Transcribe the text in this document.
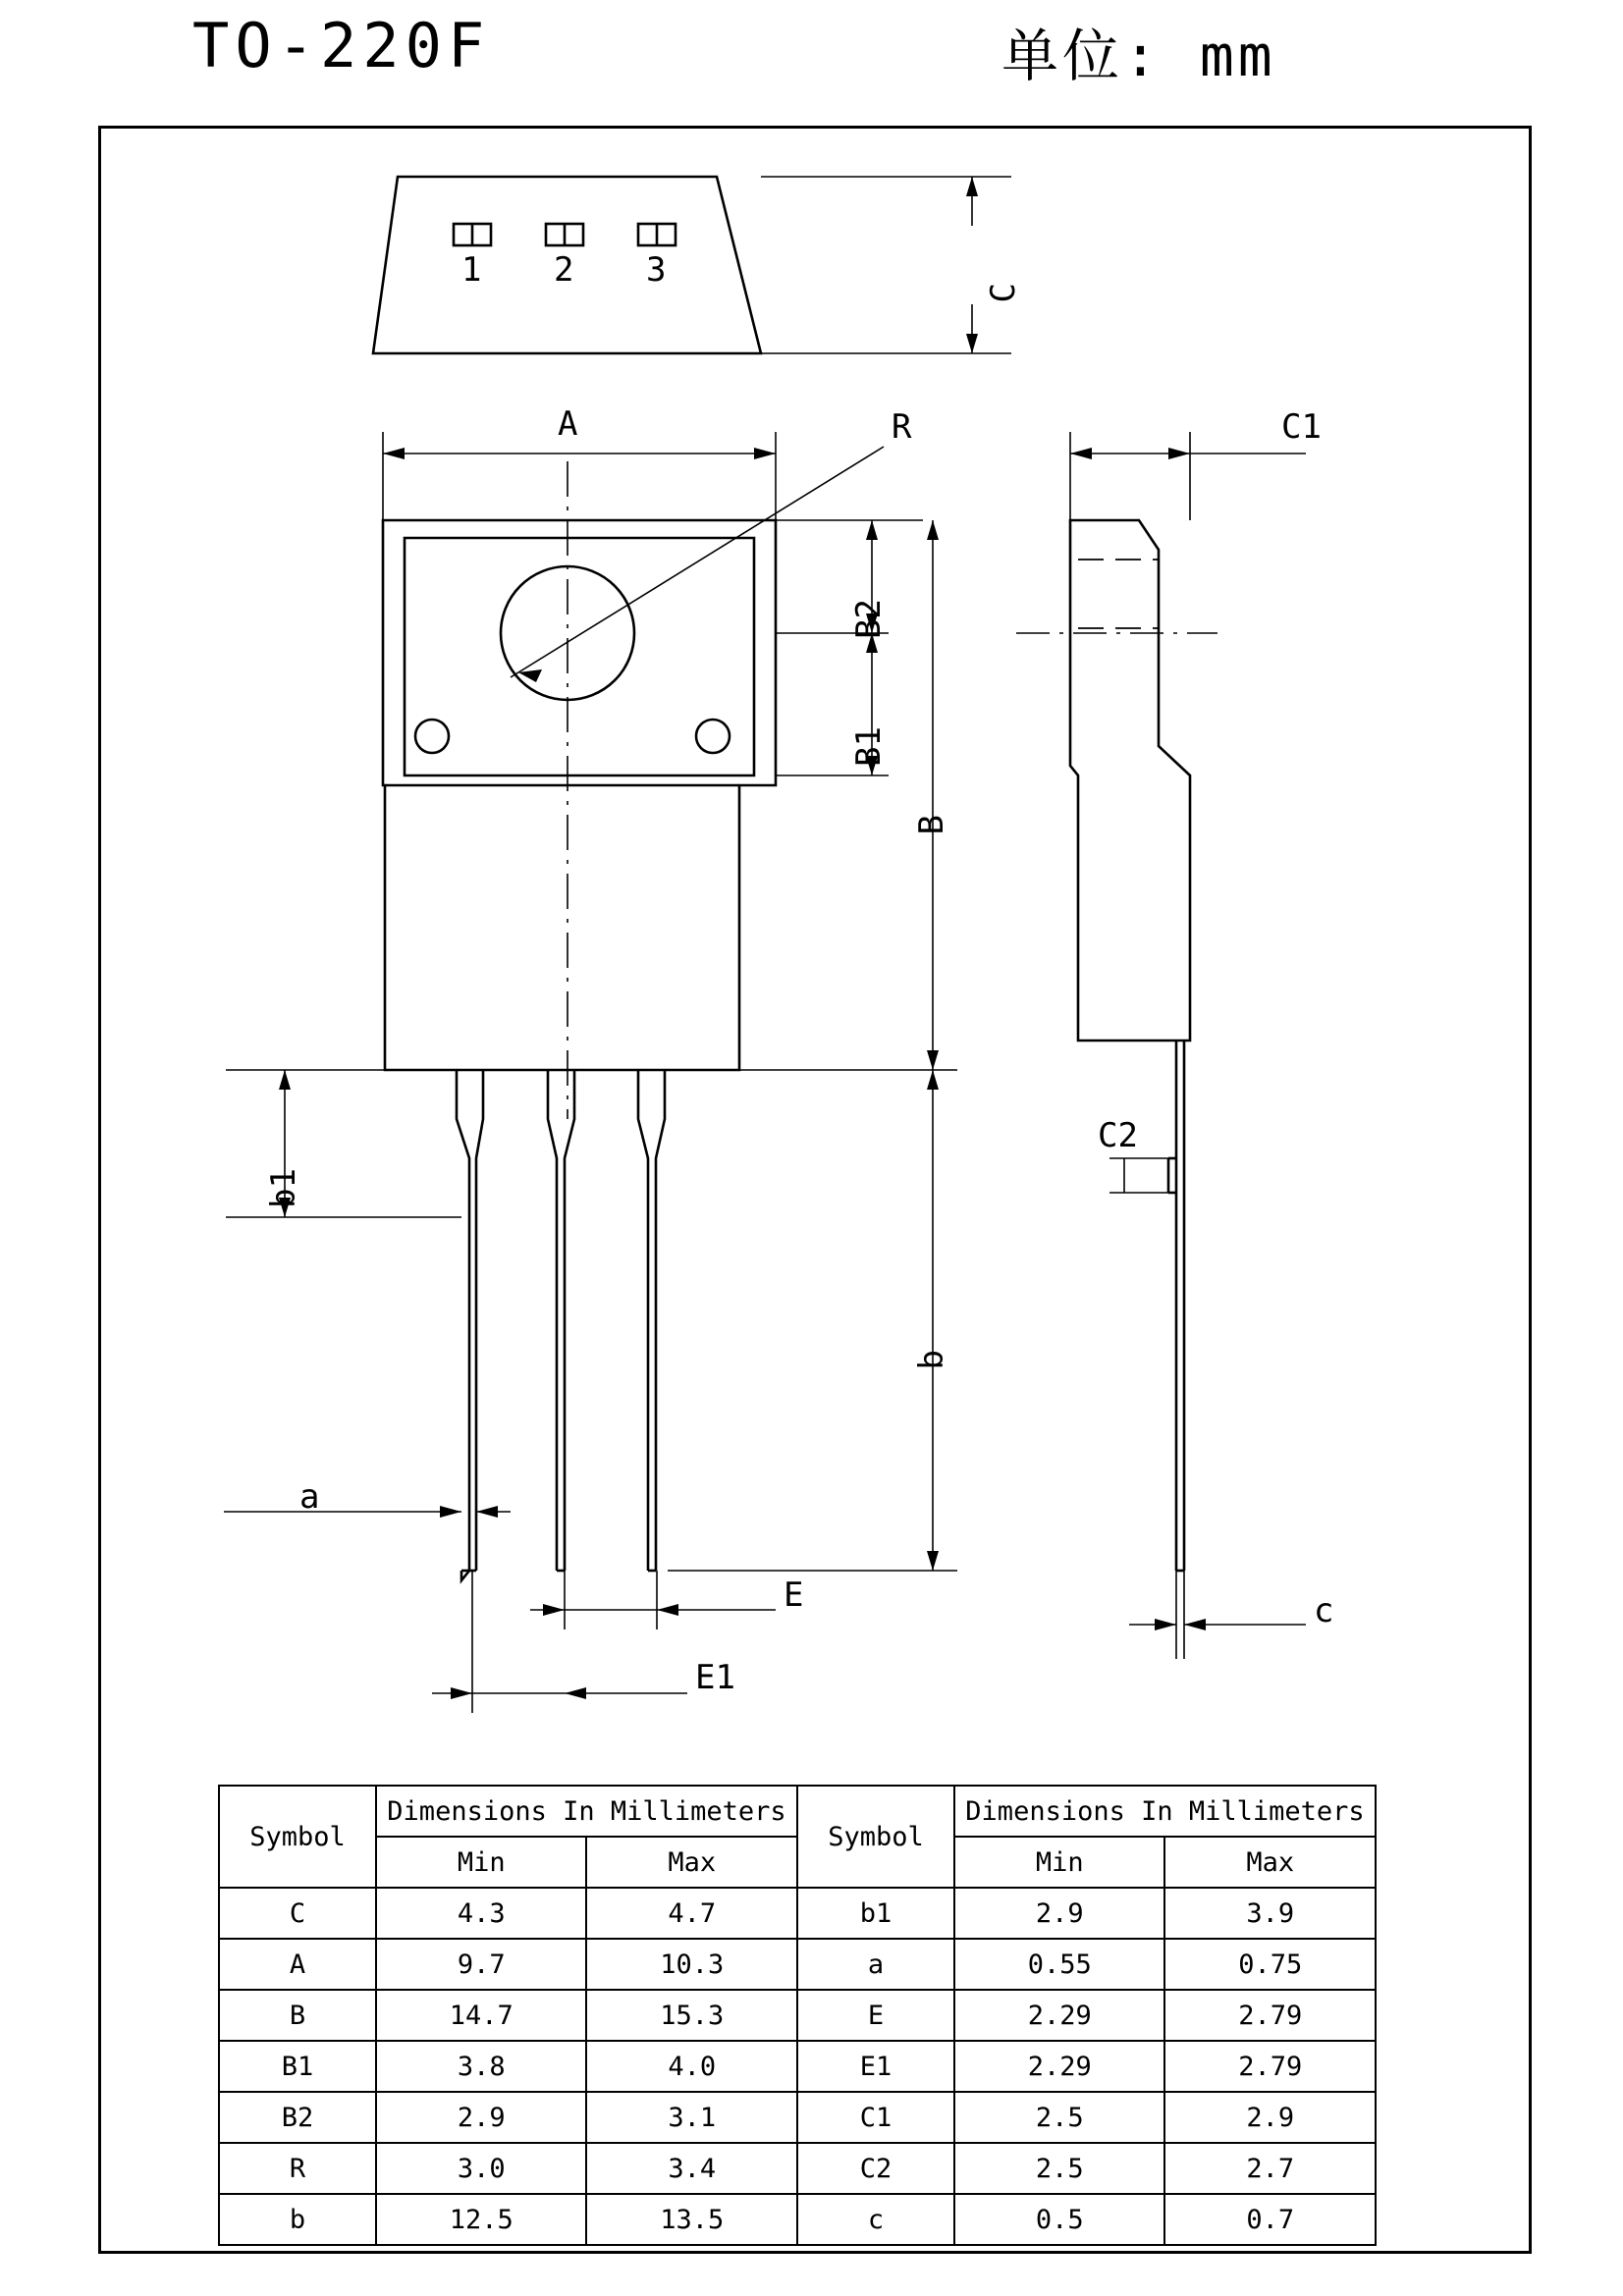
TO-220F	单位: mm
1 2 3
C
A	R	C1
B2
B1
B
b
b1
a
E
E1
C2
c
Symbol	Dimensions In Millimeters		Symbol	Dimensions In Millimeters	
	Min	Max		Min	Max
C	4.3	4.7	b1	2.9	3.9
A	9.7	10.3	a	0.55	0.75
B	14.7	15.3	E	2.29	2.79
B1	3.8	4.0	E1	2.29	2.79
B2	2.9	3.1	C1	2.5	2.9
R	3.0	3.4	C2	2.5	2.7
b	12.5	13.5	c	0.5	0.7
